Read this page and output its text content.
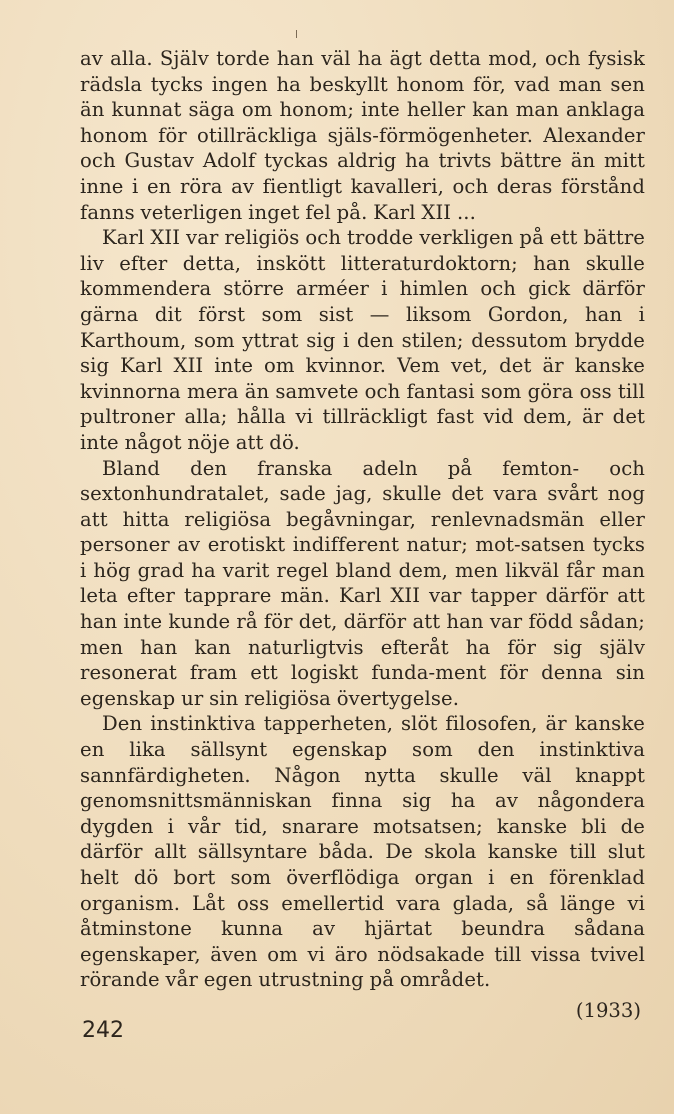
av alla. Själv torde han väl ha ägt detta mod, och fysisk rädsla tycks ingen ha beskyllt honom för, vad man sen än kunnat säga om honom; inte heller kan man anklaga honom för otillräckliga själs-förmögenheter. Alexander och Gustav Adolf tyckas aldrig ha trivts bättre än mitt inne i en röra av fientligt kavalleri, och deras förstånd fanns veterligen inget fel på. Karl XII ...

Karl XII var religiös och trodde verkligen på ett bättre liv efter detta, inskött litteraturdoktorn; han skulle kommendera större arméer i himlen och gick därför gärna dit först som sist — liksom Gordon, han i Karthoum, som yttrat sig i den stilen; dessutom brydde sig Karl XII inte om kvinnor. Vem vet, det är kanske kvinnorna mera än samvete och fantasi som göra oss till pultroner alla; hålla vi tillräckligt fast vid dem, är det inte något nöje att dö.

Bland den franska adeln på femton- och sextonhundratalet, sade jag, skulle det vara svårt nog att hitta religiösa begåvningar, renlevnadsmän eller personer av erotiskt indifferent natur; mot-satsen tycks i hög grad ha varit regel bland dem, men likväl får man leta efter tapprare män. Karl XII var tapper därför att han inte kunde rå för det, därför att han var född sådan; men han kan naturligtvis efteråt ha för sig själv resonerat fram ett logiskt funda-ment för denna sin egenskap ur sin religiösa övertygelse.

Den instinktiva tapperheten, slöt filosofen, är kanske en lika sällsynt egenskap som den instinktiva sannfärdigheten. Någon nytta skulle väl knappt genomsnittsmänniskan finna sig ha av någondera dygden i vår tid, snarare motsatsen; kanske bli de därför allt sällsyntare båda. De skola kanske till slut helt dö bort som överflödiga organ i en förenklad organism. Låt oss emellertid vara glada, så länge vi åtminstone kunna av hjärtat beundra sådana egenskaper, även om vi äro nödsakade till vissa tvivel rörande vår egen utrustning på området.

(1933)
242
